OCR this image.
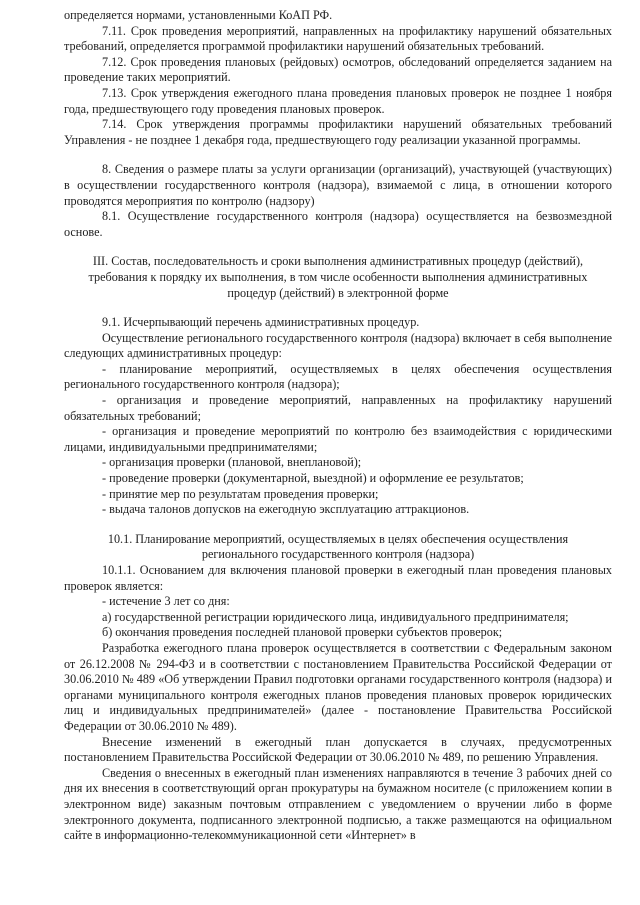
определяется нормами, установленными КоАП РФ.

7.11. Срок проведения мероприятий, направленных на профилактику нарушений обязательных требований, определяется программой профилактики нарушений обязательных требований.

7.12. Срок проведения плановых (рейдовых) осмотров, обследований определяется заданием на проведение таких мероприятий.

7.13. Срок утверждения ежегодного плана проведения плановых проверок не позднее 1 ноября года, предшествующего году проведения плановых проверок.

7.14. Срок утверждения программы профилактики нарушений обязательных требований Управления - не позднее 1 декабря года, предшествующего году реализации указанной программы.

8. Сведения о размере платы за услуги организации (организаций), участвующей (участвующих) в осуществлении государственного контроля (надзора), взимаемой с лица, в отношении которого проводятся мероприятия по контролю (надзору)

8.1. Осуществление государственного контроля (надзора) осуществляется на безвозмездной основе.

III. Состав, последовательность и сроки выполнения административных процедур (действий), требования к порядку их выполнения, в том числе особенности выполнения административных процедур (действий) в электронной форме

9.1. Исчерпывающий перечень административных процедур.

Осуществление регионального государственного контроля (надзора) включает в себя выполнение следующих административных процедур:

- планирование мероприятий, осуществляемых в целях обеспечения осуществления регионального государственного контроля (надзора);

- организация и проведение мероприятий, направленных на профилактику нарушений обязательных требований;

- организация и проведение мероприятий по контролю без взаимодействия с юридическими лицами, индивидуальными предпринимателями;

- организация проверки (плановой, внеплановой);

- проведение проверки (документарной, выездной) и оформление ее результатов;

- принятие мер по результатам проведения проверки;

- выдача талонов допусков на ежегодную эксплуатацию аттракционов.

10.1. Планирование мероприятий, осуществляемых в целях обеспечения осуществления регионального государственного контроля (надзора)

10.1.1. Основанием для включения плановой проверки в ежегодный план проведения плановых проверок является:

- истечение 3 лет со дня:

а) государственной регистрации юридического лица, индивидуального предпринимателя;

б) окончания проведения последней плановой проверки субъектов проверок;

Разработка ежегодного плана проверок осуществляется в соответствии с Федеральным законом от 26.12.2008 № 294-ФЗ и в соответствии с постановлением Правительства Российской Федерации от 30.06.2010 № 489 «Об утверждении Правил подготовки органами государственного контроля (надзора) и органами муниципального контроля ежегодных планов проведения плановых проверок юридических лиц и индивидуальных предпринимателей» (далее - постановление Правительства Российской Федерации от 30.06.2010 № 489).

Внесение изменений в ежегодный план допускается в случаях, предусмотренных постановлением Правительства Российской Федерации от 30.06.2010 № 489, по решению Управления.

Сведения о внесенных в ежегодный план изменениях направляются в течение 3 рабочих дней со дня их внесения в соответствующий орган прокуратуры на бумажном носителе (с приложением копии в электронном виде) заказным почтовым отправлением с уведомлением о вручении либо в форме электронного документа, подписанного электронной подписью, а также размещаются на официальном сайте в информационно-телекоммуникационной сети «Интернет» в
